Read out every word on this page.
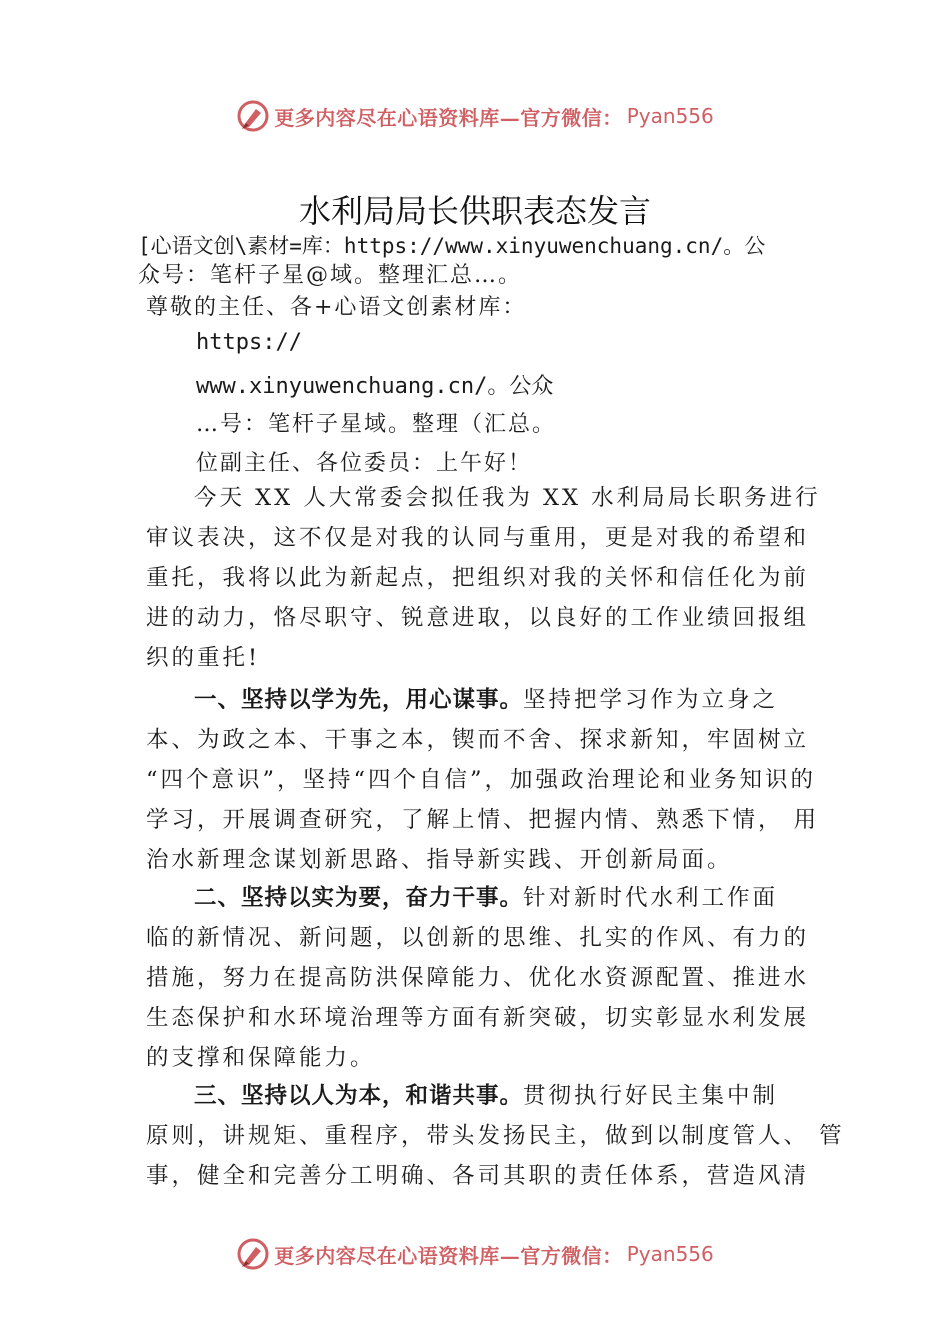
更多内容尽在心语资料库—官方微信： Pyan556
水利局局长供职表态发言
[心语文创\素材=库：https://www.xinyuwenchuang.cn/。公
众号：笔杆子星@域。整理汇总…。
尊敬的主任、各+心语文创素材库：
https://
www.xinyuwenchuang.cn/。公众
…号：笔杆子星域。整理（汇总。
位副主任、各位委员：上午好！
今天 XX 人大常委会拟任我为 XX 水利局局长职务进行
审议表决，这不仅是对我的认同与重用，更是对我的希望和
重托，我将以此为新起点，把组织对我的关怀和信任化为前
进的动力，恪尽职守、锐意进取，以良好的工作业绩回报组
织的重托!
一、坚持以学为先，用心谋事。坚持把学习作为立身之
本、为政之本、干事之本，锲而不舍、探求新知，牢固树立
“四个意识”，坚持“四个自信”，加强政治理论和业务知识的
学习，开展调查研究，了解上情、把握内情、熟悉下情， 用
治水新理念谋划新思路、指导新实践、开创新局面。
二、坚持以实为要，奋力干事。针对新时代水利工作面
临的新情况、新问题，以创新的思维、扎实的作风、有力的
措施，努力在提高防洪保障能力、优化水资源配置、推进水
生态保护和水环境治理等方面有新突破，切实彰显水利发展
的支撑和保障能力。
三、坚持以人为本，和谐共事。贯彻执行好民主集中制
原则，讲规矩、重程序，带头发扬民主，做到以制度管人、 管
事，健全和完善分工明确、各司其职的责任体系，营造风清
更多内容尽在心语资料库—官方微信： Pyan556
